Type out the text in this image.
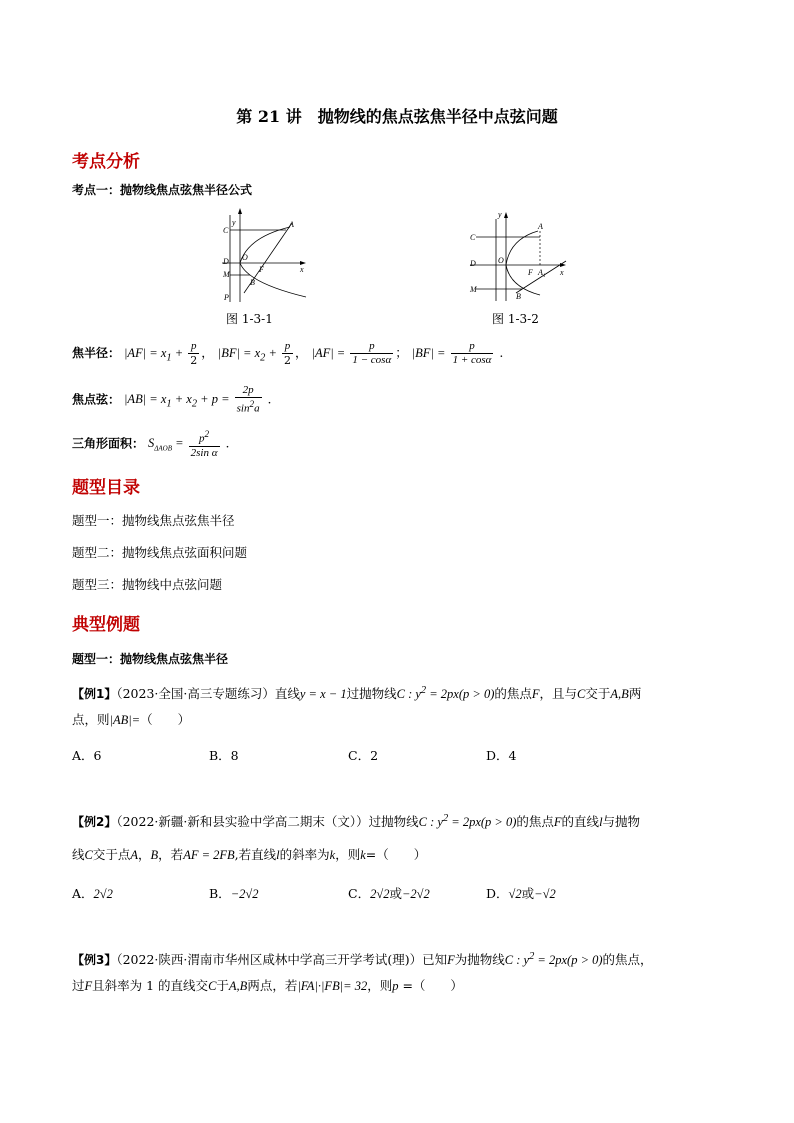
第 21 讲　抛物线的焦点弦焦半径中点弦问题
考点分析
考点一：抛物线焦点弦焦半径公式
A
C
y
D O
M
F
B
P
x
图 1-3-1
A
C
y
D	O
M
F A 1
B
x
图 1-3-2
焦半径： $|AF| = x_1 + \frac{p}{2}$ ， $|BF| = x_2 + \frac{p}{2}$ ， $|AF| = \frac{p}{1 - \cos\alpha}$ ； $|BF| = \frac{p}{1 + \cos\alpha}$ .
焦点弦： $|AB| = x_1 + x_2 + p = \frac{2p}{\sin^2a}$ .
三角形面积： $S_{\Delta AOB} = \frac{p^2}{\text{2sin α}}$ .
题型目录
题型一：抛物线焦点弦焦半径
题型二：抛物线焦点弦面积问题
题型三：抛物线中点弦问题
典型例题
题型一：抛物线焦点弦焦半径
【例1】（2023·全国·高三专题练习）直线y = x − 1过抛物线C : $y^2 = 2px(p > 0)$的焦点F，且与C交于A,B两
点，则|AB|=（　　）
A．6	B．8	C．2	D．4
【例2】（2022·新疆·新和县实验中学高二期末（文））过抛物线C : $y^2 = 2px(p > 0)$的焦点F的直线l与抛物
线C交于点A，B，若AF = 2FB,若直线l的斜率为k，则k=（　　）
A．2√2	B．−2√2	C．2√2或−2√2	D．√2或−√2
【例3】（2022·陕西·渭南市华州区咸林中学高三开学考试(理)）已知F为抛物线C : $y^2 = 2px(p > 0)$的焦点，
过F且斜率为 1 的直线交C于A,B两点，若|FA|·|FB|= 32，则p =（　　）
